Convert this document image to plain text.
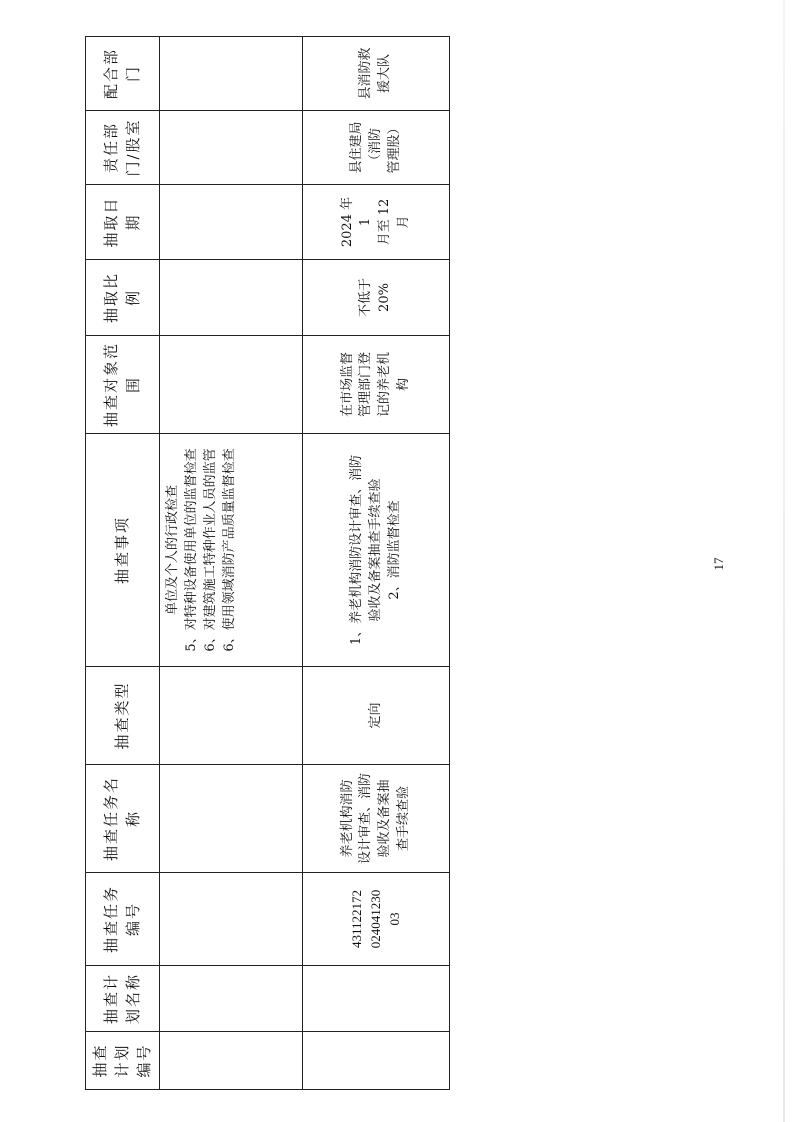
抽查计划编号	抽查计划名称	抽查任务编号	抽查任务名称	抽查类型	抽查事项	抽查对象范围	抽取比例	抽取日期	责任部门/股室	配合部门

					单位及个人的行政检查 5、对特种设备使用单位的监督检查 6、对建筑施工特种作业人员的监管 6、使用领域消防产品质量监督检查					

		431122172 024041230 03	养老机构消防 设计审查、消防 验收及备案抽 查手续查验	定向	1、养老机构消防设计审查、消防 验收及备案抽查手续查验 2、消防监督检查	在市场监督 管理部门登 记的养老机 构	不低于 20%	2024 年 1 月至 12 月	县住建局 （消防 管理股）	县消防救 援大队
17
